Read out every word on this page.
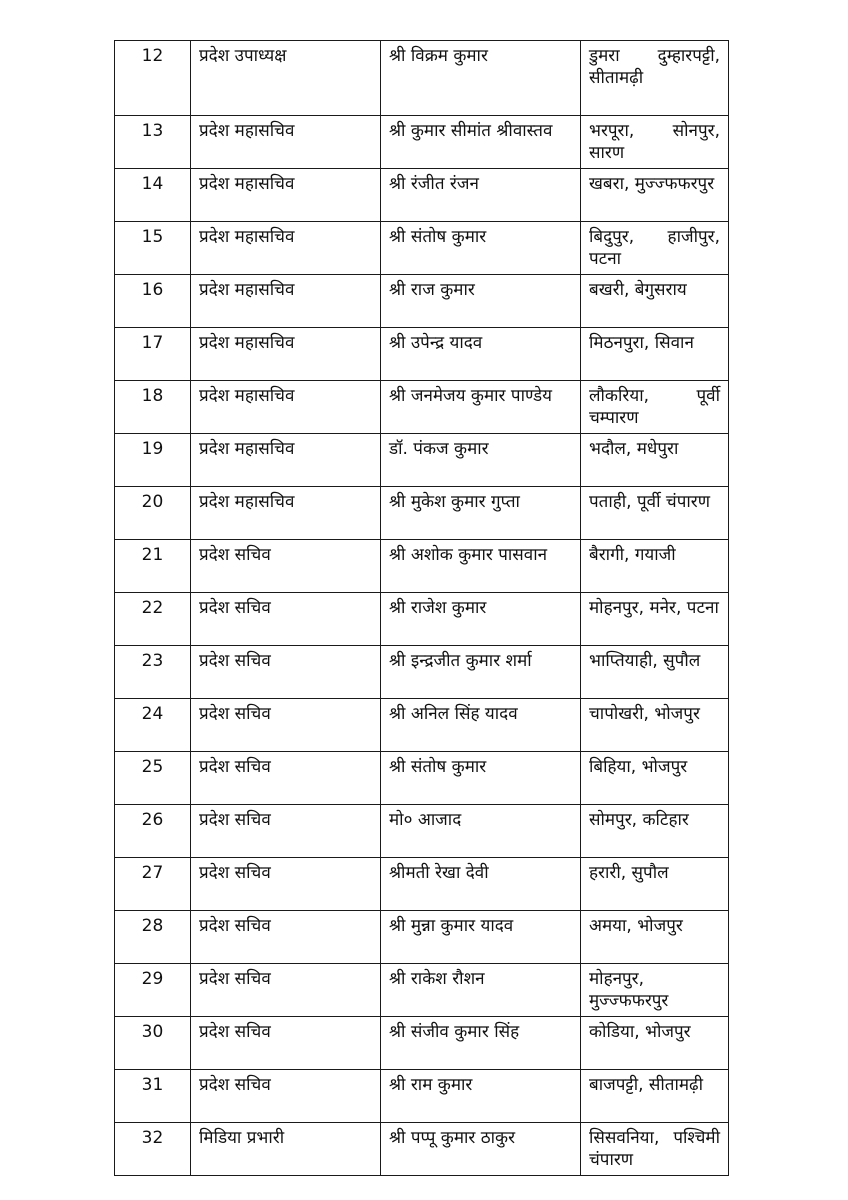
12	प्रदेश उपाध्यक्ष	श्री विक्रम कुमार	डुमरा दुम्हारपट्टी, सीतामढ़ी
13	प्रदेश महासचिव	श्री कुमार सीमांत श्रीवास्तव	भरपूरा, सोनपुर, सारण
14	प्रदेश महासचिव	श्री रंजीत रंजन	खबरा, मुज्ज्फफरपुर
15	प्रदेश महासचिव	श्री संतोष कुमार	बिदुपुर, हाजीपुर, पटना
16	प्रदेश महासचिव	श्री राज कुमार	बखरी, बेगुसराय
17	प्रदेश महासचिव	श्री उपेन्द्र यादव	मिठनपुरा, सिवान
18	प्रदेश महासचिव	श्री जनमेजय कुमार पाण्डेय	लौकरिया, पूर्वी चम्पारण
19	प्रदेश महासचिव	डॉ. पंकज कुमार	भदौल, मधेपुरा
20	प्रदेश महासचिव	श्री मुकेश कुमार गुप्ता	पताही, पूर्वी चंपारण
21	प्रदेश सचिव	श्री अशोक कुमार पासवान	बैरागी, गयाजी
22	प्रदेश सचिव	श्री राजेश कुमार	मोहनपुर, मनेर, पटना
23	प्रदेश सचिव	श्री इन्द्रजीत कुमार शर्मा	भाप्तियाही, सुपौल
24	प्रदेश सचिव	श्री अनिल सिंह यादव	चापोखरी, भोजपुर
25	प्रदेश सचिव	श्री संतोष कुमार	बिहिया, भोजपुर
26	प्रदेश सचिव	मो० आजाद	सोमपुर, कटिहार
27	प्रदेश सचिव	श्रीमती रेखा देवी	हरारी, सुपौल
28	प्रदेश सचिव	श्री मुन्ना कुमार यादव	अमया, भोजपुर
29	प्रदेश सचिव	श्री राकेश रौशन	मोहनपुर, मुज्ज्फफरपुर
30	प्रदेश सचिव	श्री संजीव कुमार सिंह	कोडिया, भोजपुर
31	प्रदेश सचिव	श्री राम कुमार	बाजपट्टी, सीतामढ़ी
32	मिडिया प्रभारी	श्री पप्पू कुमार ठाकुर	सिसवनिया, पश्चिमी चंपारण
